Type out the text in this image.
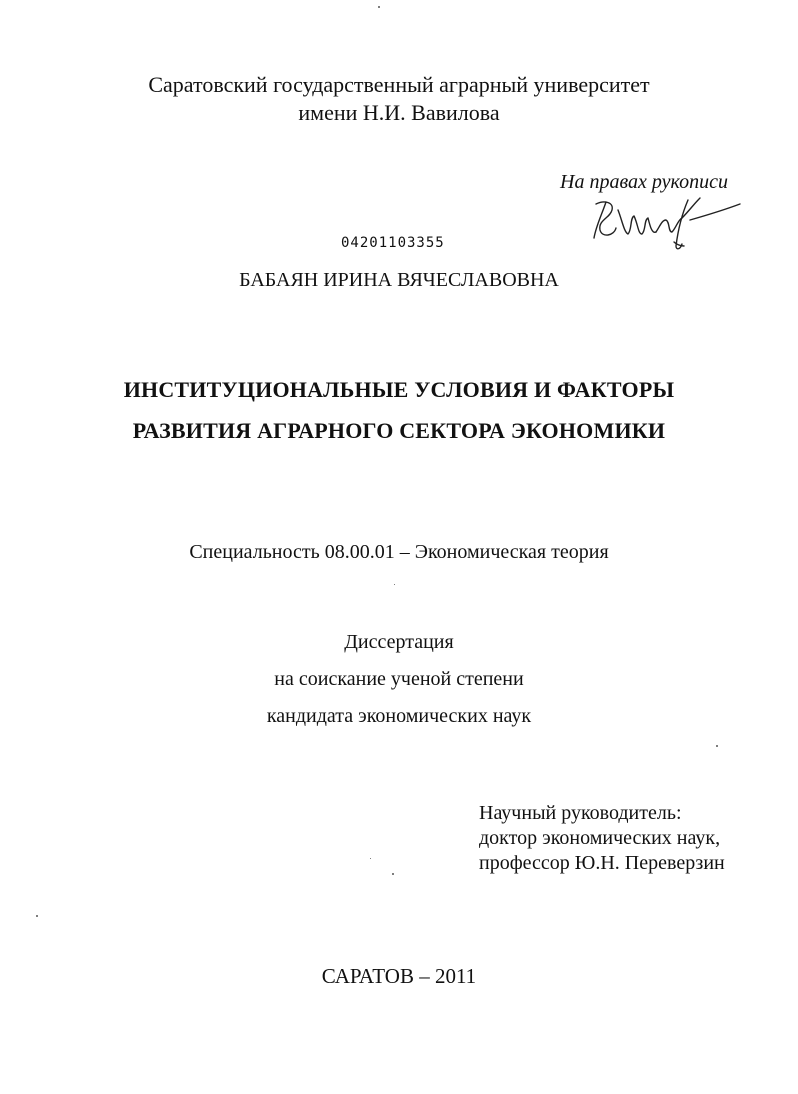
Саратовский государственный аграрный университет
имени Н.И. Вавилова
На правах рукописи
04201103355
БАБАЯН ИРИНА ВЯЧЕСЛАВОВНА
ИНСТИТУЦИОНАЛЬНЫЕ УСЛОВИЯ И ФАКТОРЫ
РАЗВИТИЯ АГРАРНОГО СЕКТОРА ЭКОНОМИКИ
Специальность 08.00.01 – Экономическая теория
Диссертация
на соискание ученой степени
кандидата экономических наук
Научный руководитель:
доктор экономических наук,
профессор Ю.Н. Переверзин
САРАТОВ – 2011
